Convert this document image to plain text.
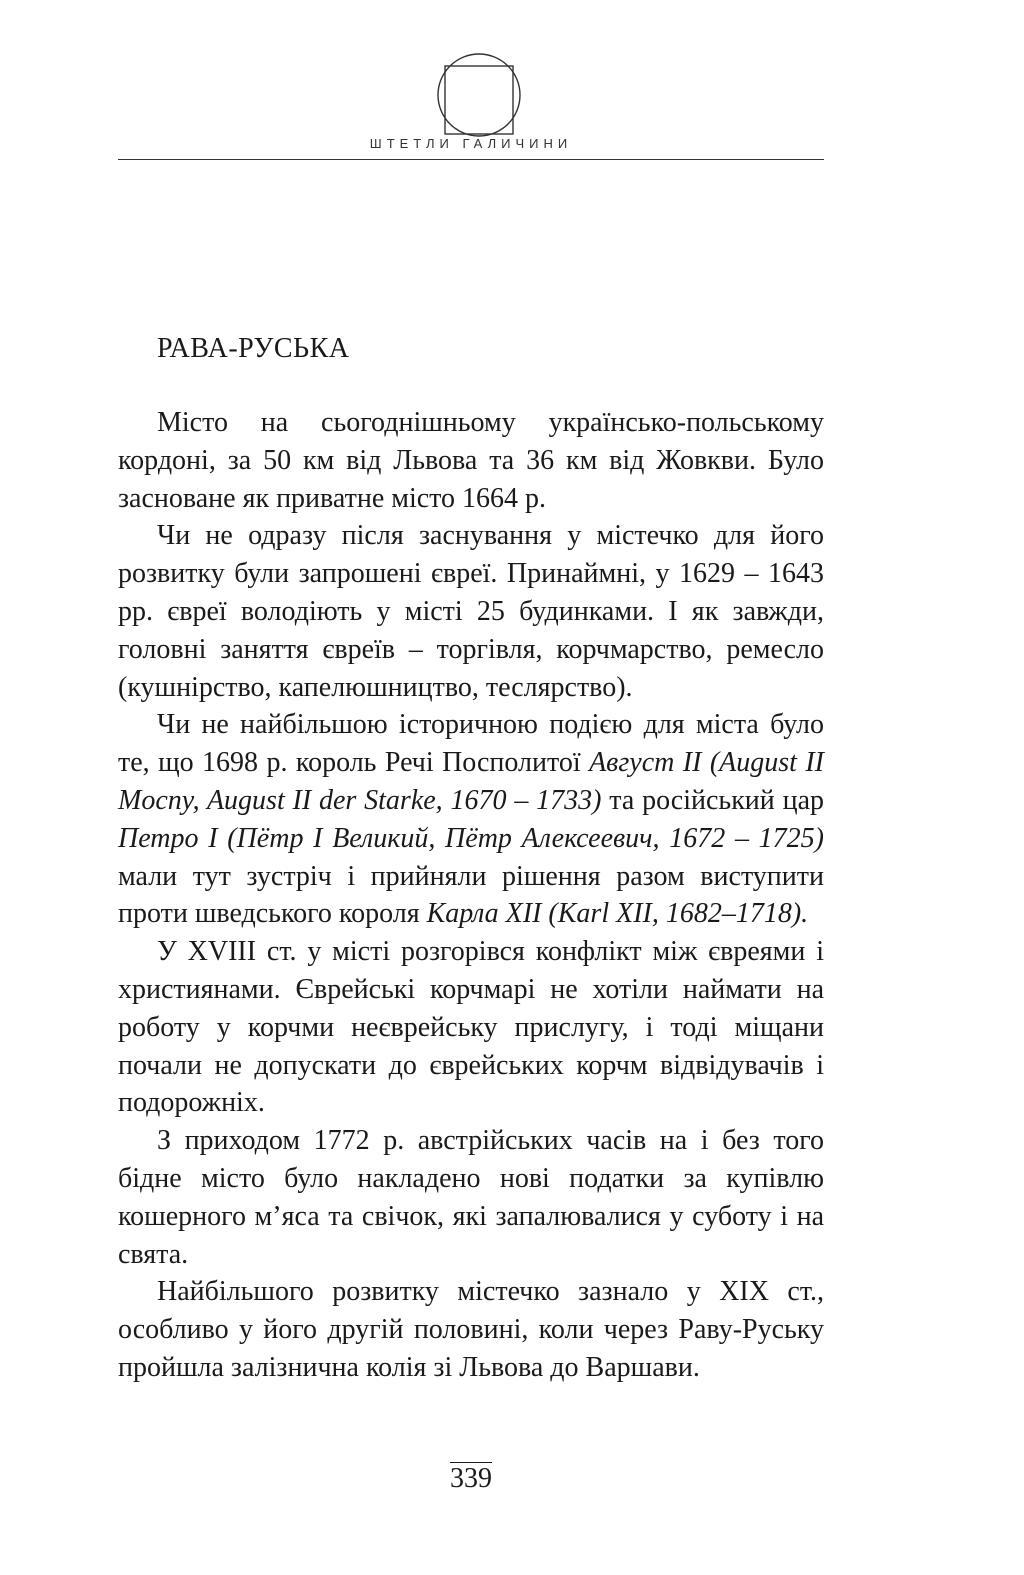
ШТЕТЛИ ГАЛИЧИНИ
РАВА-РУСЬКА

Місто на сьогоднішньому українсько-польському кордоні, за 50 км від Львова та 36 км від Жовкви. Було засноване як приватне місто 1664 р.

Чи не одразу після заснування у містечко для його розвитку були запрошені євреї. Принаймні, у 1629 – 1643 рр. євреї володіють у місті 25 будинками. І як завжди, головні заняття євреїв – торгівля, корчмарство, ремесло (кушнірство, капелюшництво, теслярство).

Чи не найбільшою історичною подією для міста було те, що 1698 р. король Речі Посполитої Август II (August II Mocny, August II der Starke, 1670 – 1733) та російський цар Петро I (Пётр I Великий, Пётр Алексеевич, 1672 – 1725) мали тут зустріч і прийняли рішення разом виступити проти шведського короля Карла XII (Karl XII, 1682–1718).

У XVIII ст. у місті розгорівся конфлікт між євреями і християнами. Єврейські корчмарі не хотіли наймати на роботу у корчми неєврейську прислугу, і тоді міщани почали не допускати до єврейських корчм відвідувачів і подорожніх.

З приходом 1772 р. австрійських часів на і без того бідне місто було накладено нові податки за купівлю кошерного м’яса та свічок, які запалювалися у суботу і на свята.

Найбільшого розвитку містечко зазнало у XIX ст., особливо у його другій половині, коли через Раву-Руську пройшла залізнична колія зі Львова до Варшави.

339
